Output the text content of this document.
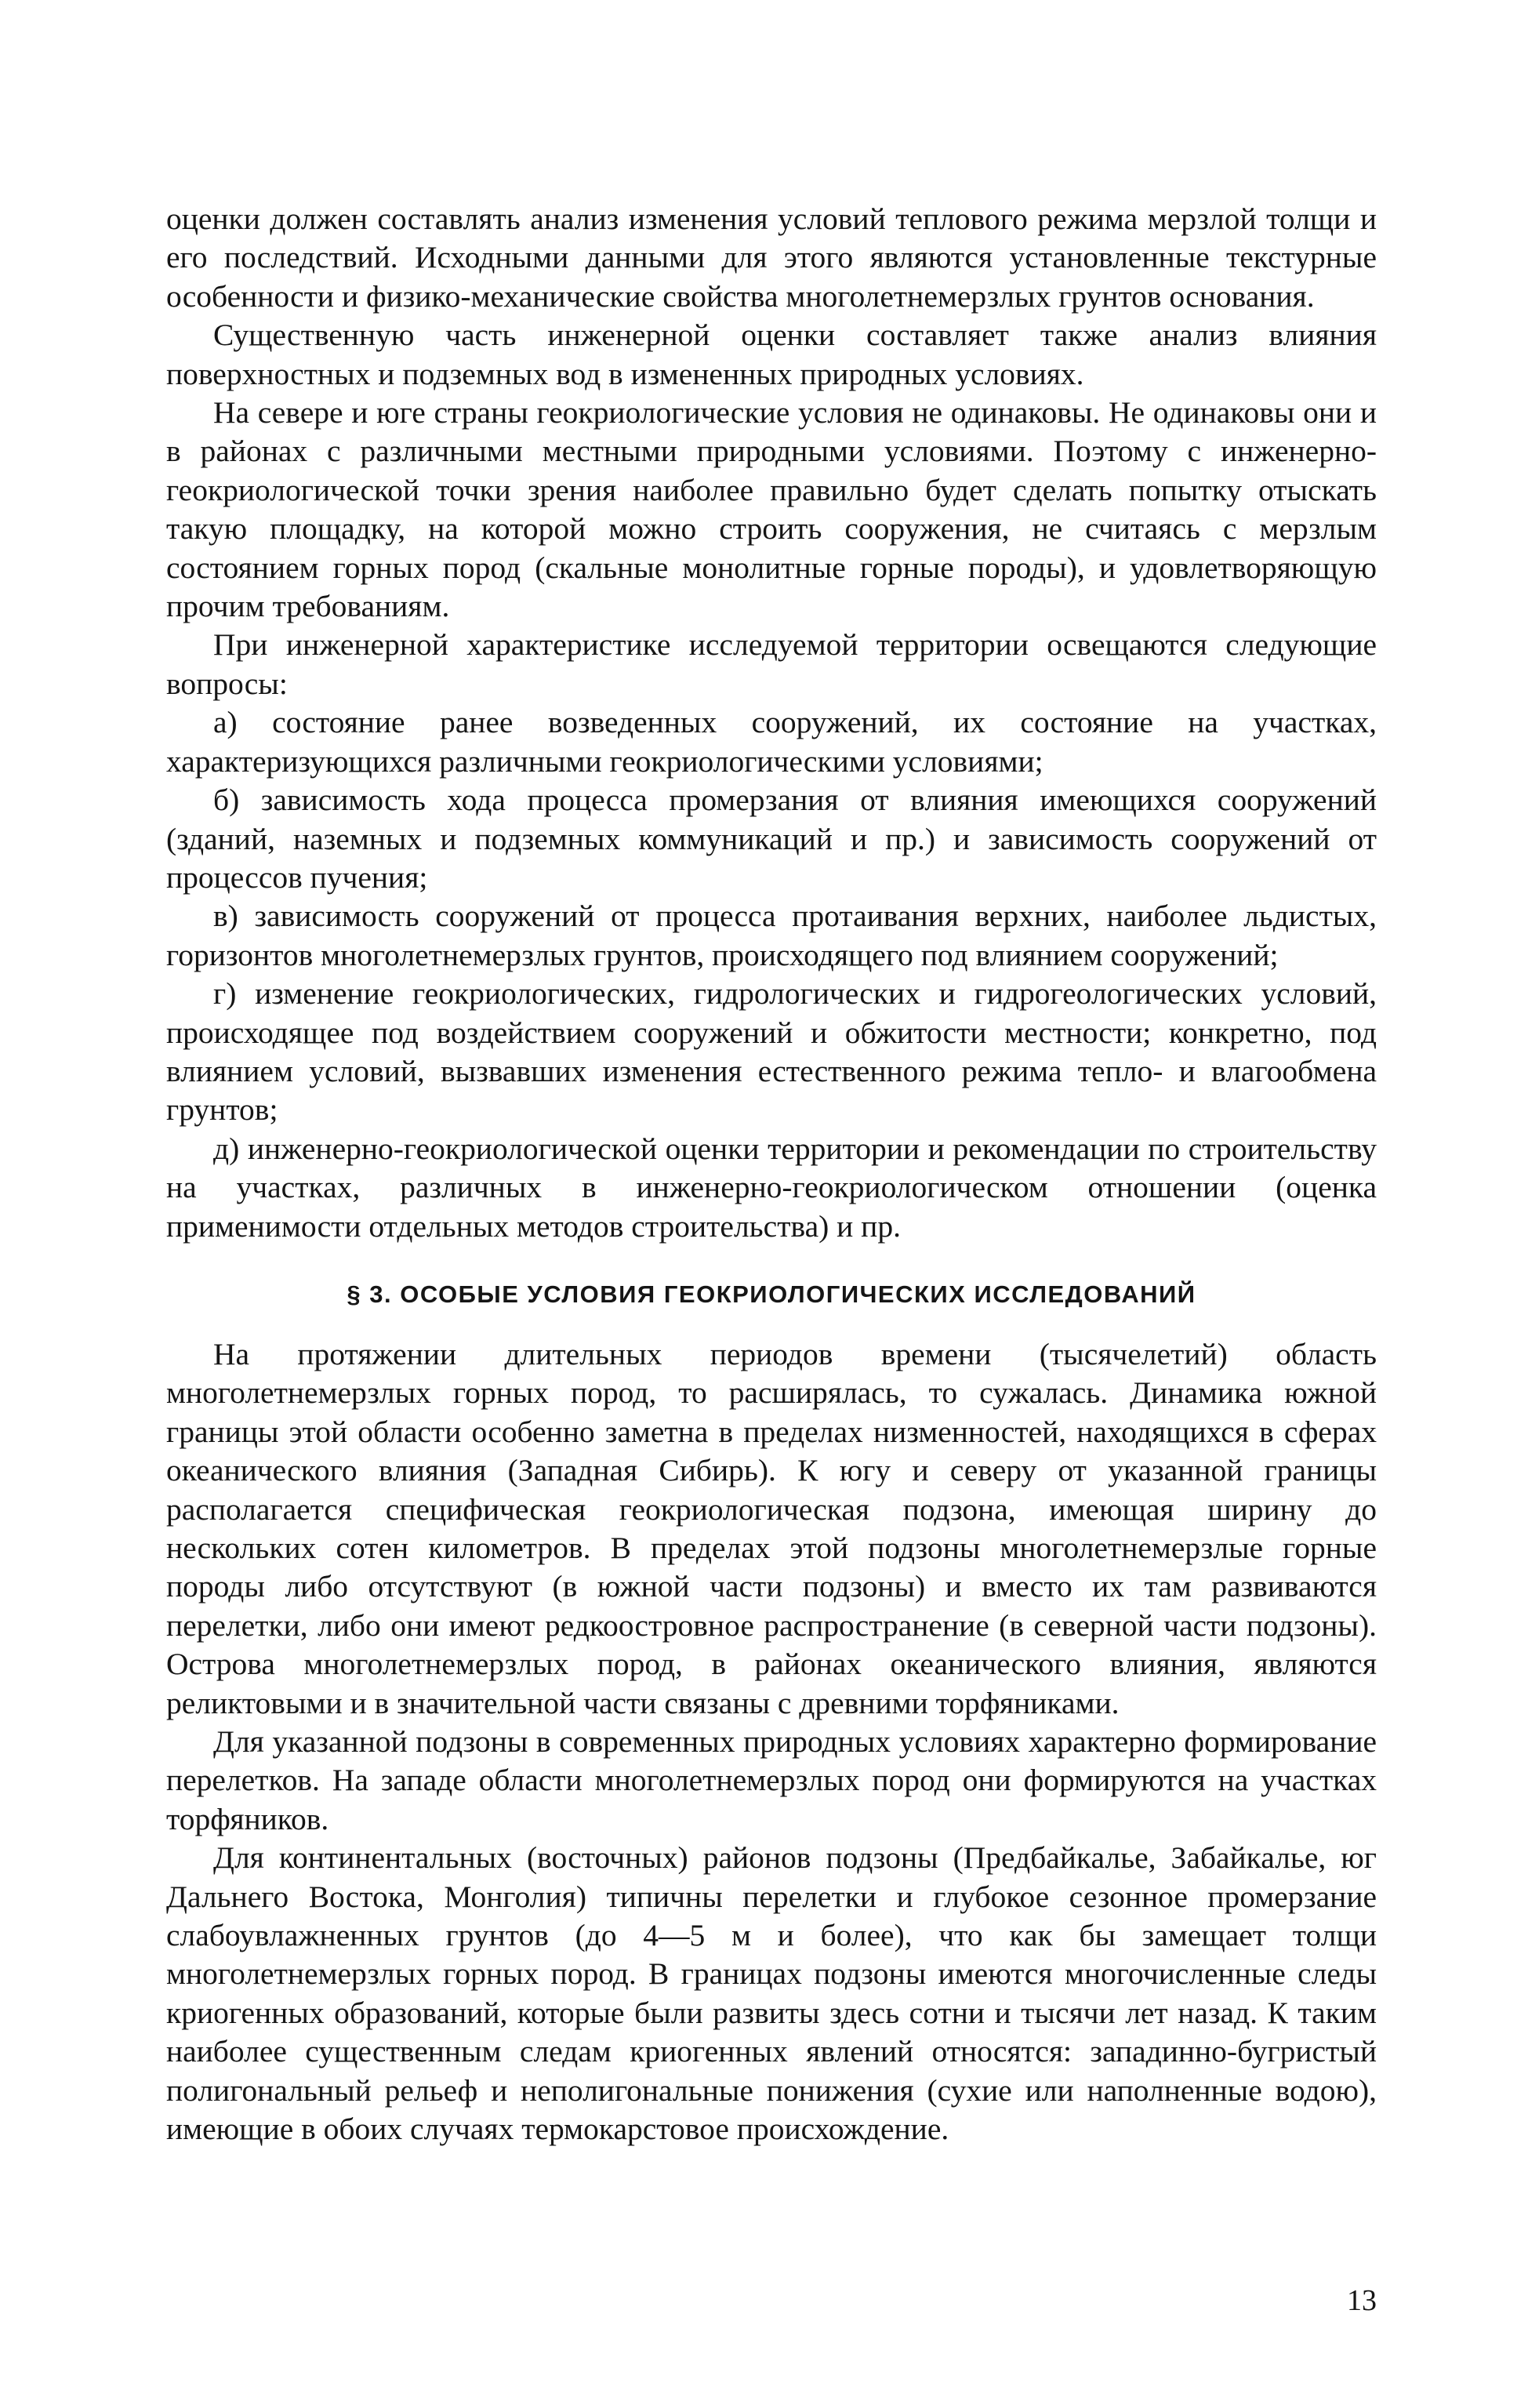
оценки должен составлять анализ изменения условий теплового режима мерзлой толщи и его последствий. Исходными данными для этого являются установленные текстурные особенности и физико-механические свойства многолетнемерзлых грунтов основания.

Существенную часть инженерной оценки составляет также анализ влияния поверхностных и подземных вод в измененных природных условиях.

На севере и юге страны геокриологические условия не одинаковы. Не одинаковы они и в районах с различными местными природными условиями. Поэтому с инженерно-геокриологической точки зрения наиболее правильно будет сделать попытку отыскать такую площадку, на которой можно строить сооружения, не считаясь с мерзлым состоянием горных пород (скальные монолитные горные породы), и удовлетворяющую прочим требованиям.

При инженерной характеристике исследуемой территории освещаются следующие вопросы:

а) состояние ранее возведенных сооружений, их состояние на участках, характеризующихся различными геокриологическими условиями;

б) зависимость хода процесса промерзания от влияния имеющихся сооружений (зданий, наземных и подземных коммуникаций и пр.) и зависимость сооружений от процессов пучения;

в) зависимость сооружений от процесса протаивания верхних, наиболее льдистых, горизонтов многолетнемерзлых грунтов, происходящего под влиянием сооружений;

г) изменение геокриологических, гидрологических и гидрогеологических условий, происходящее под воздействием сооружений и обжитости местности; конкретно, под влиянием условий, вызвавших изменения естественного режима тепло- и влагообмена грунтов;

д) инженерно-геокриологической оценки территории и рекомендации по строительству на участках, различных в инженерно-геокриологическом отношении (оценка применимости отдельных методов строительства) и пр.

§ 3. ОСОБЫЕ УСЛОВИЯ ГЕОКРИОЛОГИЧЕСКИХ ИССЛЕДОВАНИЙ

На протяжении длительных периодов времени (тысячелетий) область многолетнемерзлых горных пород, то расширялась, то сужалась. Динамика южной границы этой области особенно заметна в пределах низменностей, находящихся в сферах океанического влияния (Западная Сибирь). К югу и северу от указанной границы располагается специфическая геокриологическая подзона, имеющая ширину до нескольких сотен километров. В пределах этой подзоны многолетнемерзлые горные породы либо отсутствуют (в южной части подзоны) и вместо их там развиваются перелетки, либо они имеют редкоостровное распространение (в северной части подзоны). Острова многолетнемерзлых пород, в районах океанического влияния, являются реликтовыми и в значительной части связаны с древними торфяниками.

Для указанной подзоны в современных природных условиях характерно формирование перелетков. На западе области многолетнемерзлых пород они формируются на участках торфяников.

Для континентальных (восточных) районов подзоны (Предбайкалье, Забайкалье, юг Дальнего Востока, Монголия) типичны перелетки и глубокое сезонное промерзание слабоувлажненных грунтов (до 4—5 м и более), что как бы замещает толщи многолетнемерзлых горных пород. В границах подзоны имеются многочисленные следы криогенных образований, которые были развиты здесь сотни и тысячи лет назад. К таким наиболее существенным следам криогенных явлений относятся: западинно-бугристый полигональный рельеф и неполигональные понижения (сухие или наполненные водою), имеющие в обоих случаях термокарстовое происхождение.

13
